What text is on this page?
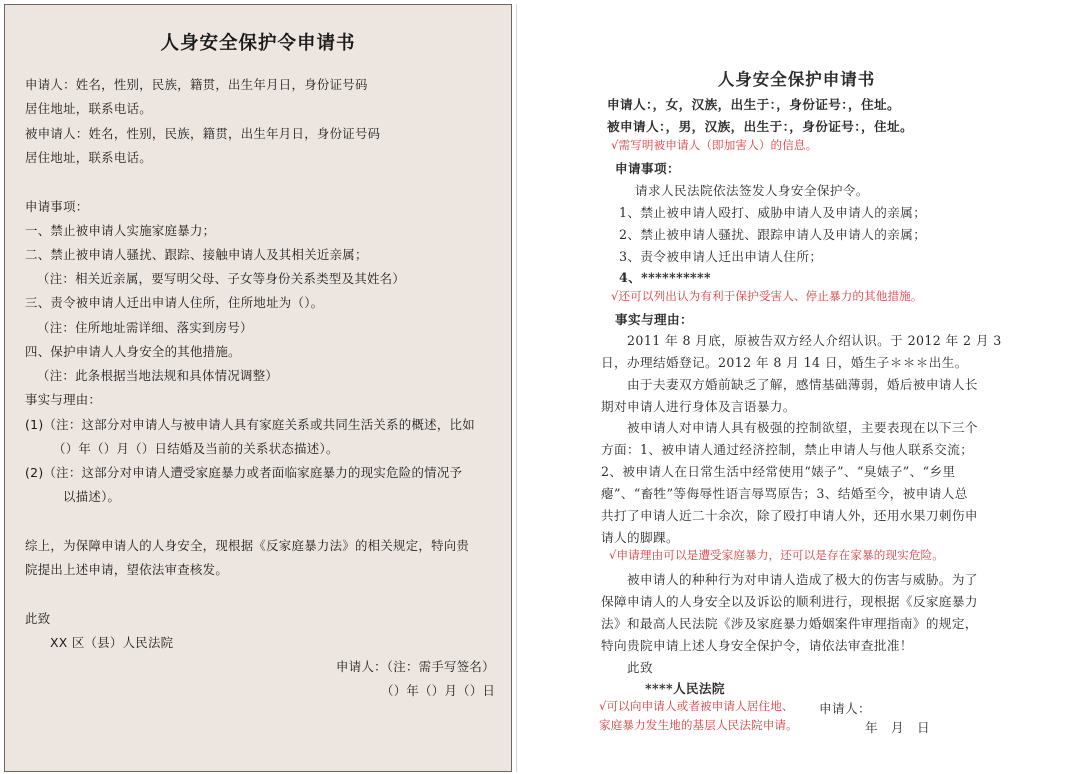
人身安全保护令申请书
申请人：姓名，性别，民族，籍贯，出生年月日，身份证号码
居住地址，联系电话。
被申请人：姓名，性别，民族，籍贯，出生年月日，身份证号码
居住地址，联系电话。
申请事项：
一、禁止被申请人实施家庭暴力；
二、禁止被申请人骚扰、跟踪、接触申请人及其相关近亲属；
（注：相关近亲属，要写明父母、子女等身份关系类型及其姓名）
三、责令被申请人迁出申请人住所，住所地址为（）。
（注：住所地址需详细、落实到房号）
四、保护申请人人身安全的其他措施。
（注：此条根据当地法规和具体情况调整）
事实与理由：
(1)（注：这部分对申请人与被申请人具有家庭关系或共同生活关系的概述，比如
（）年（）月（）日结婚及当前的关系状态描述）。
(2)（注：这部分对申请人遭受家庭暴力或者面临家庭暴力的现实危险的情况予
以描述）。
综上，为保障申请人的人身安全，现根据《反家庭暴力法》的相关规定，特向贵
院提出上述申请，望依法审查核发。
此致
XX 区（县）人民法院
申请人：（注：需手写签名）
（）年（）月（）日
人身安全保护申请书
申请人：，女，汉族，出生于：，身份证号：，住址。
被申请人：，男，汉族，出生于：，身份证号：，住址。
√需写明被申请人（即加害人）的信息。
申请事项：
请求人民法院依法签发人身安全保护令。
1、禁止被申请人殴打、威胁申请人及申请人的亲属；
2、禁止被申请人骚扰、跟踪申请人及申请人的亲属；
3、责令被申请人迁出申请人住所；
4、**********
√还可以列出认为有利于保护受害人、停止暴力的其他措施。
事实与理由：
2011 年 8 月底，原被告双方经人介绍认识。于 2012 年 2 月 3
日，办理结婚登记。2012 年 8 月 14 日，婚生子＊＊＊出生。
由于夫妻双方婚前缺乏了解，感情基础薄弱，婚后被申请人长
期对申请人进行身体及言语暴力。
被申请人对申请人具有极强的控制欲望，主要表现在以下三个
方面：1、被申请人通过经济控制，禁止申请人与他人联系交流；
2、被申请人在日常生活中经常使用“婊子”、“臭婊子”、“乡里
瘪”、“畜牲”等侮辱性语言辱骂原告；3、结婚至今，被申请人总
共打了申请人近二十余次，除了殴打申请人外，还用水果刀刺伤申
请人的脚踝。
√申请理由可以是遭受家庭暴力，还可以是存在家暴的现实危险。
被申请人的种种行为对申请人造成了极大的伤害与威胁。为了
保障申请人的人身安全以及诉讼的顺利进行，现根据《反家庭暴力
法》和最高人民法院《涉及家庭暴力婚姻案件审理指南》的规定，
特向贵院申请上述人身安全保护令，请依法审查批准！
此致
****人民法院
√可以向申请人或者被申请人居住地、 申请人：
家庭暴力发生地的基层人民法院申请。	年　月　日
